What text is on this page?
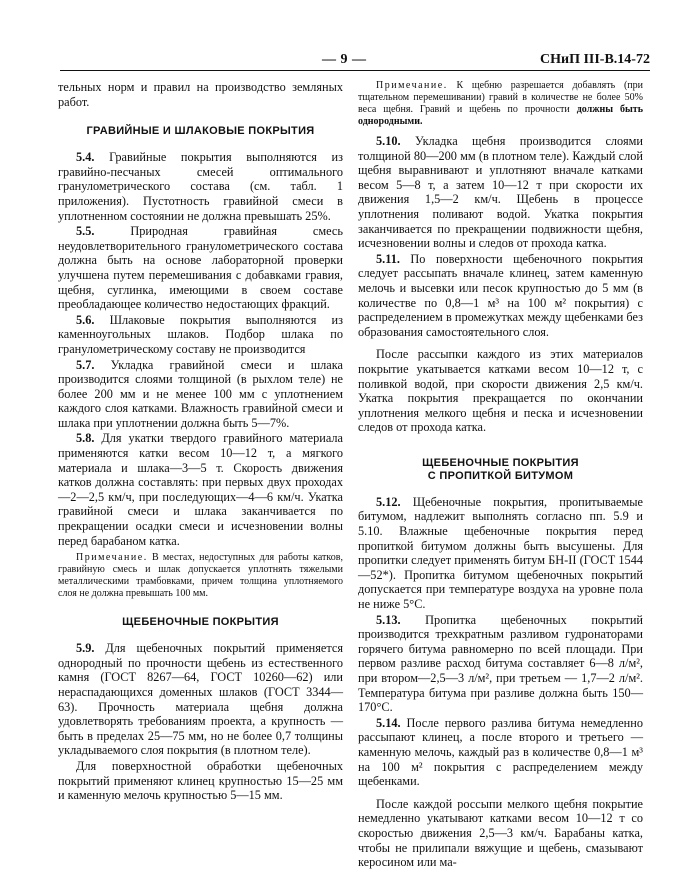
— 9 —	СНиП III-В.14-72

тельных норм и правил на производство земляных работ.

ГРАВИЙНЫЕ И ШЛАКОВЫЕ ПОКРЫТИЯ

5.4. Гравийные покрытия выполняются из гравийно-песчаных смесей оптимального гранулометрического состава (см. табл. 1 приложения). Пустотность гравийной смеси в уплотненном состоянии не должна превышать 25%.

5.5.	Природная гравийная смесь неудовлетворительного гранулометрического состава должна быть на основе лабораторной проверки улучшена путем перемешивания с добавками гравия, щебня, суглинка, имеющими в своем составе преобладающее количество недостающих фракций.

5.6. Шлаковые покрытия выполняются из каменноугольных шлаков. Подбор шлака по гранулометрическому составу не производится

5.7. Укладка гравийной смеси и шлака производится слоями толщиной (в рыхлом теле) не более 200 мм и не менее 100 мм с уплотнением каждого слоя катками. Влажность гравийной смеси и шлака при уплотнении должна быть 5—7%.

5.8. Для укатки твердого гравийного материала применяются катки весом 10—12 т, а мягкого материала и шлака—3—5 т. Скорость движения катков должна составлять: при первых двух проходах—2—2,5 км/ч, при последующих—4—6 км/ч. Укатка гравийной смеси и шлака заканчивается по прекращении осадки смеси и исчезновении волны перед барабаном катка.

Примечание. В местах, недоступных для работы катков, гравийную смесь и шлак допускается уплотнять тяжелыми металлическими трамбовками, причем толщина уплотняемого слоя не должна превышать 100 мм.

ЩЕБЕНОЧНЫЕ ПОКРЫТИЯ

5.9. Для щебеночных покрытий применяется однородный по прочности щебень из естественного камня (ГОСТ 8267—64, ГОСТ 10260—62) или нераспадающихся доменных шлаков (ГОСТ 3344—63). Прочность материала щебня должна удовлетворять требованиям проекта, а крупность — быть в пределах 25—75 мм, но не более 0,7 толщины укладываемого слоя покрытия (в плотном теле).

Для поверхностной обработки щебеночных покрытий применяют клинец крупностью 15—25 мм и каменную мелочь крупностью 5—15 мм.

Примечание. К щебню разрешается добавлять (при тщательном перемешивании) гравий в количестве не более 50% веса щебня. Гравий и щебень по прочности должны быть однородными.

5.10. Укладка щебня производится слоями толщиной 80—200 мм (в плотном теле). Каждый слой щебня выравнивают и уплотняют вначале катками весом 5—8 т, а затем 10—12 т при скорости их движения 1,5—2 км/ч. Щебень в процессе уплотнения поливают водой. Укатка покрытия заканчивается по прекращении подвижности щебня, исчезновении волны и следов от прохода катка.

5.11. По поверхности щебеночного покрытия следует рассыпать вначале клинец, затем каменную мелочь и высевки или песок крупностью до 5 мм (в количестве по 0,8—1 м³ на 100 м² покрытия) с распределением в промежутках между щебенками без образования самостоятельного слоя.

После рассыпки каждого из этих материалов покрытие укатывается катками весом 10—12 т, с поливкой водой, при скорости движения 2,5 км/ч. Укатка покрытия прекращается по окончании уплотнения мелкого щебня и песка и исчезновении следов от прохода катка.

ЩЕБЕНОЧНЫЕ ПОКРЫТИЯ
С ПРОПИТКОЙ БИТУМОМ

5.12. Щебеночные покрытия, пропитываемые битумом, надлежит выполнять согласно пп. 5.9 и 5.10. Влажные щебеночные покрытия перед пропиткой битумом должны быть высушены. Для пропитки следует применять битум БН-II (ГОСТ 1544—52*). Пропитка битумом щебеночных покрытий допускается при температуре воздуха на уровне пола не ниже 5°С.

5.13. Пропитка щебеночных покрытий производится трехкратным разливом гудронаторами горячего битума равномерно по всей площади. При первом разливе расход битума составляет 6—8 л/м², при втором—2,5—3 л/м², при третьем — 1,7—2 л/м². Температура битума при разливе должна быть 150—170°С.

5.14. После первого разлива битума немедленно рассыпают клинец, а после второго и третьего — каменную мелочь, каждый раз в количестве 0,8—1 м³ на 100 м² покрытия с распределением между щебенками.

После каждой россыпи мелкого щебня покрытие немедленно укатывают катками весом 10—12 т со скоростью движения 2,5—3 км/ч. Барабаны катка, чтобы не прилипали вяжущие и щебень, смазывают керосином или ма-
